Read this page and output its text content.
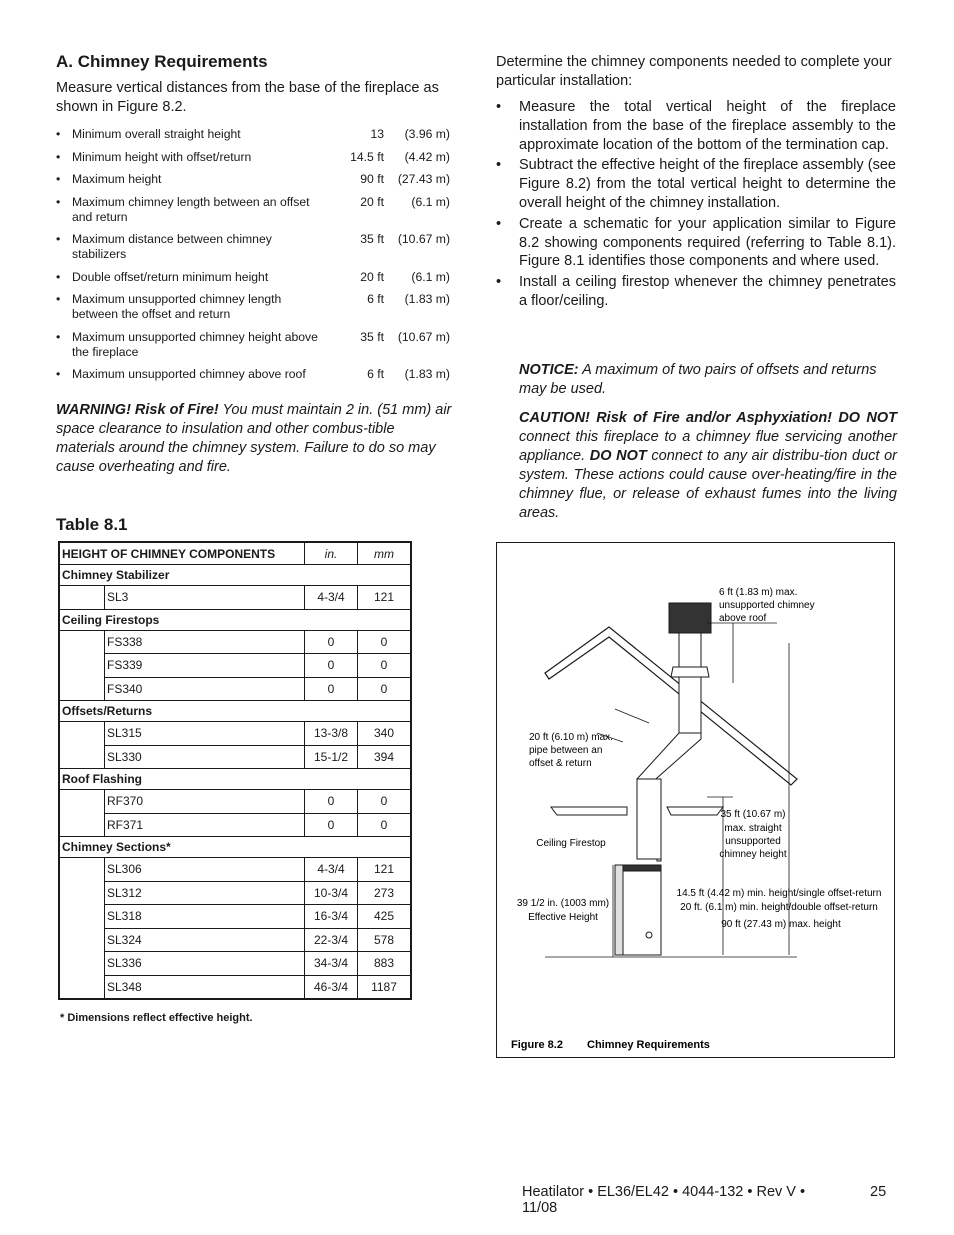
A. Chimney Requirements

Measure vertical distances from the base of the fireplace as shown in Figure 8.2.

• Minimum overall straight height	13	(3.96 m)
• Minimum height with offset/return	14.5 ft	(4.42 m)
• Maximum height	90 ft	(27.43 m)
• Maximum chimney length between an offset and return
20 ft	(6.1 m)
• Maximum distance between chimney stabilizers
35 ft	(10.67 m)
• Double offset/return minimum height	20 ft	(6.1 m)
• Maximum unsupported chimney length between the offset and return
6 ft	(1.83 m)
• Maximum unsupported chimney height above the fireplace
35 ft	(10.67 m)
• Maximum unsupported chimney above roof	6 ft	(1.83 m)

WARNING! Risk of Fire! You must maintain 2 in. (51 mm) air space clearance to insulation and other combus-tible materials around the chimney system. Failure to do so may cause overheating and fire.

Table 8.1
HEIGHT OF CHIMNEY COMPONENTS		in.	mm
Chimney Stabilizer			
	SL3	4-3/4	121
Ceiling Firestops			
	FS338	0	0
	FS339	0	0
	FS340	0	0
Offsets/Returns			
	SL315	13-3/8	340
	SL330	15-1/2	394
Roof Flashing			
	RF370	0	0
	RF371	0	0
Chimney Sections*			
	SL306	4-3/4	121
	SL312	10-3/4	273
	SL318	16-3/4	425
	SL324	22-3/4	578
	SL336	34-3/4	883
	SL348	46-3/4	1187
* Dimensions reflect effective height.

Determine the chimney components needed to complete your particular installation:

•	Measure the total vertical height of the fireplace installation from the base of the fireplace assembly to the approximate location of the bottom of the termination cap.
•	Subtract the effective height of the fireplace assembly (see Figure 8.2) from the total vertical height to determine the overall height of the chimney installation.
•	Create a schematic for your application similar to Figure 8.2 showing components required (referring to Table 8.1). Figure 8.1 identifies those components and where used.
•	Install a ceiling firestop whenever the chimney penetrates a floor/ceiling.

NOTICE: A maximum of two pairs of offsets and returns may be used.

CAUTION! Risk of Fire and/or Asphyxiation! DO NOT connect this fireplace to a chimney flue servicing another appliance. DO NOT connect to any air distribu-tion duct or system. These actions could cause over-heating/fire in the chimney flue, or release of exhaust fumes into the living areas.

6 ft (1.83 m) max.
unsupported chimney
above roof
20 ft (6.10 m) max.
pipe between an
offset & return
35 ft (10.67 m)
max. straight
unsupported
chimney height
Ceiling Firestop
39 1/2 in. (1003 mm)
Effective Height
14.5 ft (4.42 m) min. height/single offset-return
20 ft. (6.1 m) min. height/double offset-return
90 ft (27.43 m) max. height
Figure 8.2 Chimney Requirements
Heatilator • EL36/EL42 • 4044-132 • Rev V • 11/08
25
